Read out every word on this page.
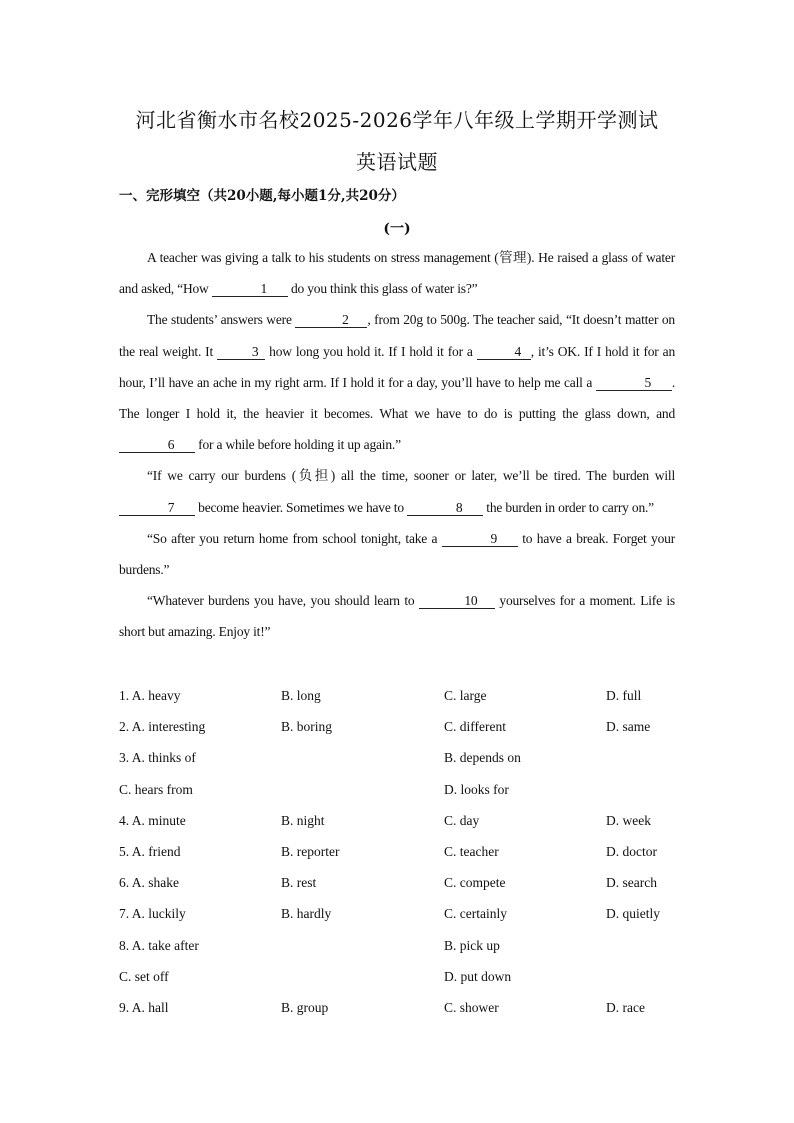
河北省衡水市名校2025-2026学年八年级上学期开学测试
英语试题
一、完形填空（共20小题,每小题1分,共20分）
(一)

A teacher was giving a talk to his students on stress management (管理). He raised a glass of water and asked, “How	1 do you think this glass of water is?”

The students’ answers were	2 , from 20g to 500g. The teacher said, “It doesn’t matter on the real weight. It	3 how long you hold it. If I hold it for a	4 , it’s OK. If I hold it for an hour, I’ll have an ache in my right arm. If I hold it for a day, you’ll have to help me call a	5 . The longer I hold it, the heavier it becomes. What we have to do is putting the glass down, and 6 for a while before holding it up again.”

“If we carry our burdens (负担) all the time, sooner or later, we’ll be tired. The burden will 7 become heavier. Sometimes we have to	8 the burden in order to carry on.”

“So after you return home from school tonight, take a	9 to have a break. Forget your burdens.”

“Whatever burdens you have, you should learn to	10 yourselves for a moment. Life is short but amazing. Enjoy it!”

1. A. heavy	B. long	C. large	D. full
2. A. interesting	B. boring	C. different	D. same
3. A. thinks of	B. depends on
C. hears from	D. looks for
4. A. minute	B. night	C. day	D. week
5. A. friend	B. reporter	C. teacher	D. doctor
6. A. shake	B. rest	C. compete	D. search
7. A. luckily	B. hardly	C. certainly	D. quietly
8. A. take after	B. pick up
C. set off	D. put down
9. A. hall	B. group	C. shower	D. race
